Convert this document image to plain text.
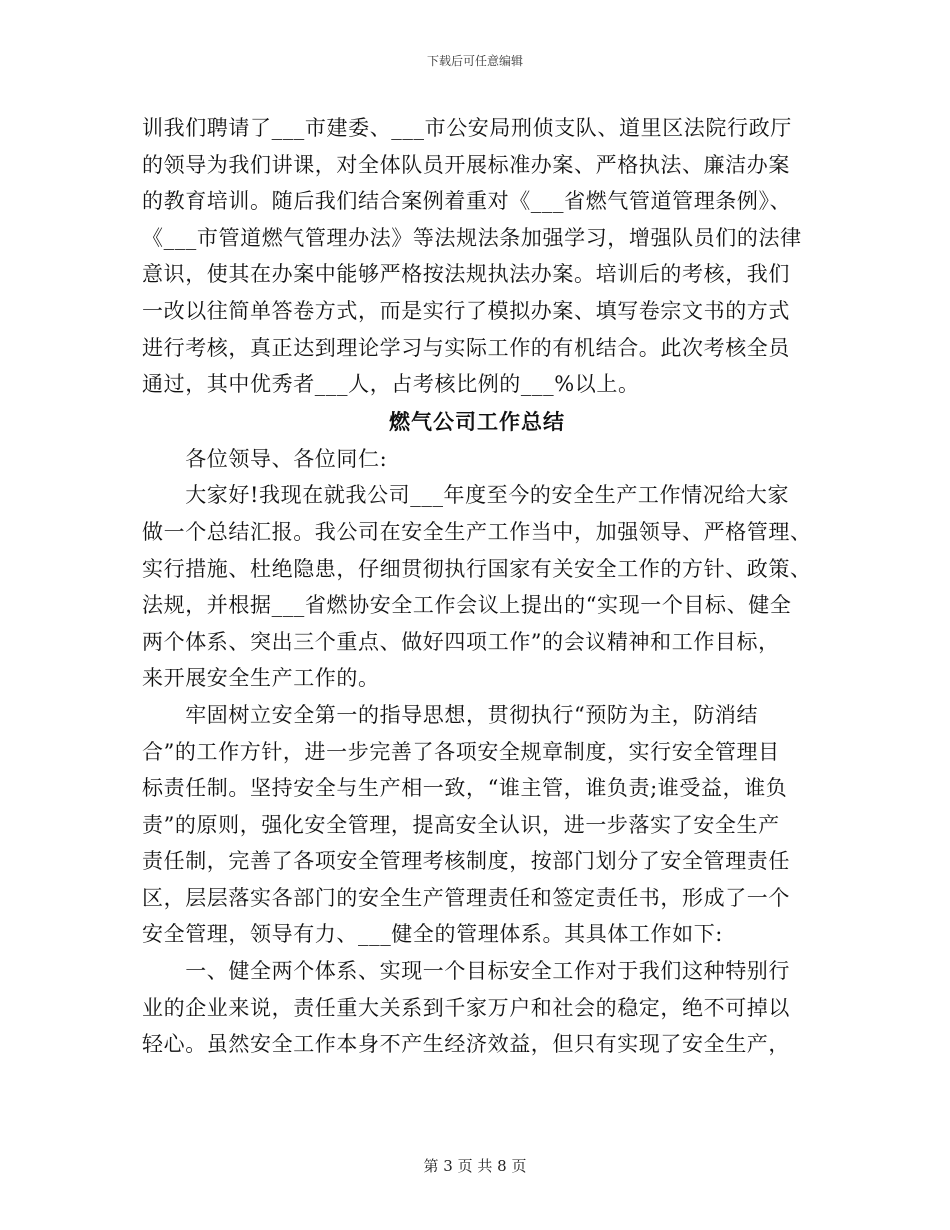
下载后可任意编辑
训我们聘请了___市建委、___市公安局刑侦支队、道里区法院行政厅
的领导为我们讲课，对全体队员开展标准办案、严格执法、廉洁办案
的教育培训。随后我们结合案例着重对《___省燃气管道管理条例》、
《___市管道燃气管理办法》等法规法条加强学习，增强队员们的法律
意识，使其在办案中能够严格按法规执法办案。培训后的考核，我们
一改以往简单答卷方式，而是实行了模拟办案、填写卷宗文书的方式
进行考核，真正达到理论学习与实际工作的有机结合。此次考核全员
通过，其中优秀者___人，占考核比例的___%以上。
燃气公司工作总结
　　各位领导、各位同仁:
　　大家好!我现在就我公司___年度至今的安全生产工作情况给大家
做一个总结汇报。我公司在安全生产工作当中，加强领导、严格管理、
实行措施、杜绝隐患，仔细贯彻执行国家有关安全工作的方针、政策、
法规，并根据___省燃协安全工作会议上提出的“实现一个目标、健全
两个体系、突出三个重点、做好四项工作”的会议精神和工作目标，
来开展安全生产工作的。
　　牢固树立安全第一的指导思想，贯彻执行“预防为主，防消结
合”的工作方针，进一步完善了各项安全规章制度，实行安全管理目
标责任制。坚持安全与生产相一致，“谁主管，谁负责;谁受益，谁负
责”的原则，强化安全管理，提高安全认识，进一步落实了安全生产
责任制，完善了各项安全管理考核制度，按部门划分了安全管理责任
区，层层落实各部门的安全生产管理责任和签定责任书，形成了一个
安全管理，领导有力、___健全的管理体系。其具体工作如下:
　　一、健全两个体系、实现一个目标安全工作对于我们这种特别行
业的企业来说，责任重大关系到千家万户和社会的稳定，绝不可掉以
轻心。虽然安全工作本身不产生经济效益，但只有实现了安全生产，
第 3 页 共 8 页
